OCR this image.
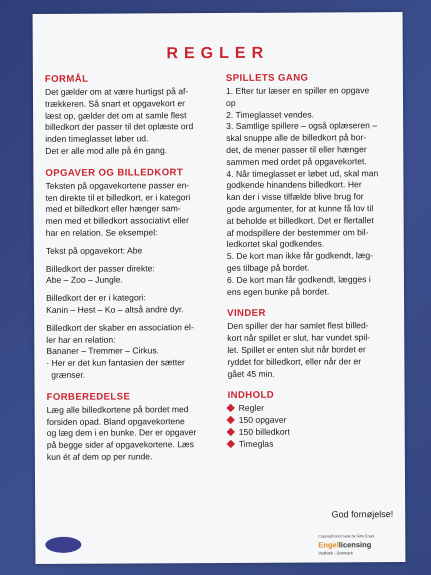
REGLER
FORMÅL

Det gælder om at være hurtigst på af-

trækkeren. Så snart et opgavekort er

læst op, gælder det om at samle flest

billedkort der passer til det oplæste ord

inden timeglasset løber ud.

Det er alle mod alle på én gang.

OPGAVER OG BILLEDKORT

Teksten på opgavekortene passer en-

ten direkte til et billedkort, er i kategori

med et billedkort eller hænger sam-

men med et billedkort associativt eller

har en relation. Se eksempel:

Tekst på opgavekort: Abe

Billedkort der passer direkte:

Abe – Zoo – Jungle.

Billedkort der er i kategori:

Kanin – Hest – Ko – altså andre dyr.

Billedkort der skaber en association el-

ler har en relation:

Bananer – Tremmer – Cirkus.

· Her er det kun fantasien der sætter

grænser.

FORBEREDELSE

Læg alle billedkortene på bordet med

forsiden opad. Bland opgavekortene

og læg dem i en bunke. Der er opgaver

på begge sider af opgavekortene. Læs

kun ét af dem op per runde.

SPILLETS GANG

1. Efter tur læser en spiller en opgave

op

2. Timeglasset vendes.

3. Samtlige spillere – også oplæseren –

skal snuppe alle de billedkort på bor-

det, de mener passer til eller hænger

sammen med ordet på opgavekortet.

4. Når timeglasset er løbet ud, skal man

godkende hinandens billedkort. Her

kan der i visse tilfælde blive brug for

gode argumenter, for at kunne få lov til

at beholde et billedkort. Det er flertallet

af modspillere der bestemmer om bil-

ledkortet skal godkendes.

5. De kort man ikke får godkendt, læg-

ges tilbage på bordet.

6. De kort man får godkendt, lægges i

ens egen bunke på bordet.

VINDER

Den spiller der har samlet flest billed-

kort når spillet er slut, har vundet spil-

let. Spillet er enten slut når bordet er

ryddet for billedkort, eller når der er

gået 45 min.

INDHOLD
Regler
150 opgaver
150 billedkort
Timeglas
God fornøjelse!
Copyright and made by Gitte Engel
Engellicensing
Vedbæk - Danmark
